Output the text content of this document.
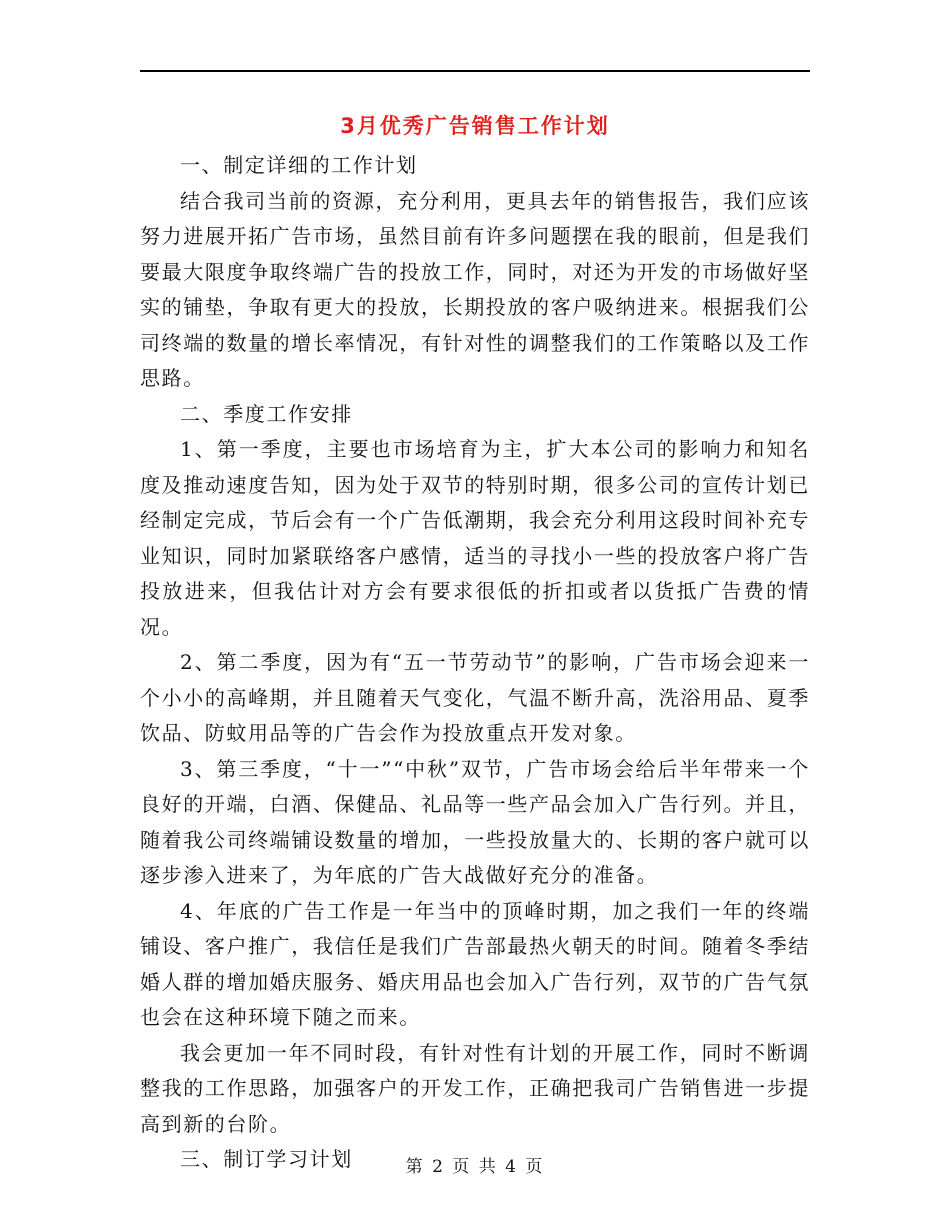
3月优秀广告销售工作计划

一、制定详细的工作计划

结合我司当前的资源，充分利用，更具去年的销售报告，我们应该努力进展开拓广告市场，虽然目前有许多问题摆在我的眼前，但是我们要最大限度争取终端广告的投放工作，同时，对还为开发的市场做好坚实的铺垫，争取有更大的投放，长期投放的客户吸纳进来。根据我们公司终端的数量的增长率情况，有针对性的调整我们的工作策略以及工作思路。

二、季度工作安排

1、第一季度，主要也市场培育为主，扩大本公司的影响力和知名度及推动速度告知，因为处于双节的特别时期，很多公司的宣传计划已经制定完成，节后会有一个广告低潮期，我会充分利用这段时间补充专业知识，同时加紧联络客户感情，适当的寻找小一些的投放客户将广告投放进来，但我估计对方会有要求很低的折扣或者以货抵广告费的情况。

2、第二季度，因为有“五一节劳动节”的影响，广告市场会迎来一个小小的高峰期，并且随着天气变化，气温不断升高，洗浴用品、夏季饮品、防蚊用品等的广告会作为投放重点开发对象。

3、第三季度，“十一”“中秋”双节，广告市场会给后半年带来一个良好的开端，白酒、保健品、礼品等一些产品会加入广告行列。并且，随着我公司终端铺设数量的增加，一些投放量大的、长期的客户就可以逐步渗入进来了，为年底的广告大战做好充分的准备。

4、年底的广告工作是一年当中的顶峰时期，加之我们一年的终端铺设、客户推广，我信任是我们广告部最热火朝天的时间。随着冬季结婚人群的增加婚庆服务、婚庆用品也会加入广告行列，双节的广告气氛也会在这种环境下随之而来。

我会更加一年不同时段，有针对性有计划的开展工作，同时不断调整我的工作思路，加强客户的开发工作，正确把我司广告销售进一步提高到新的台阶。

三、制订学习计划	第 2 页 共 4 页
